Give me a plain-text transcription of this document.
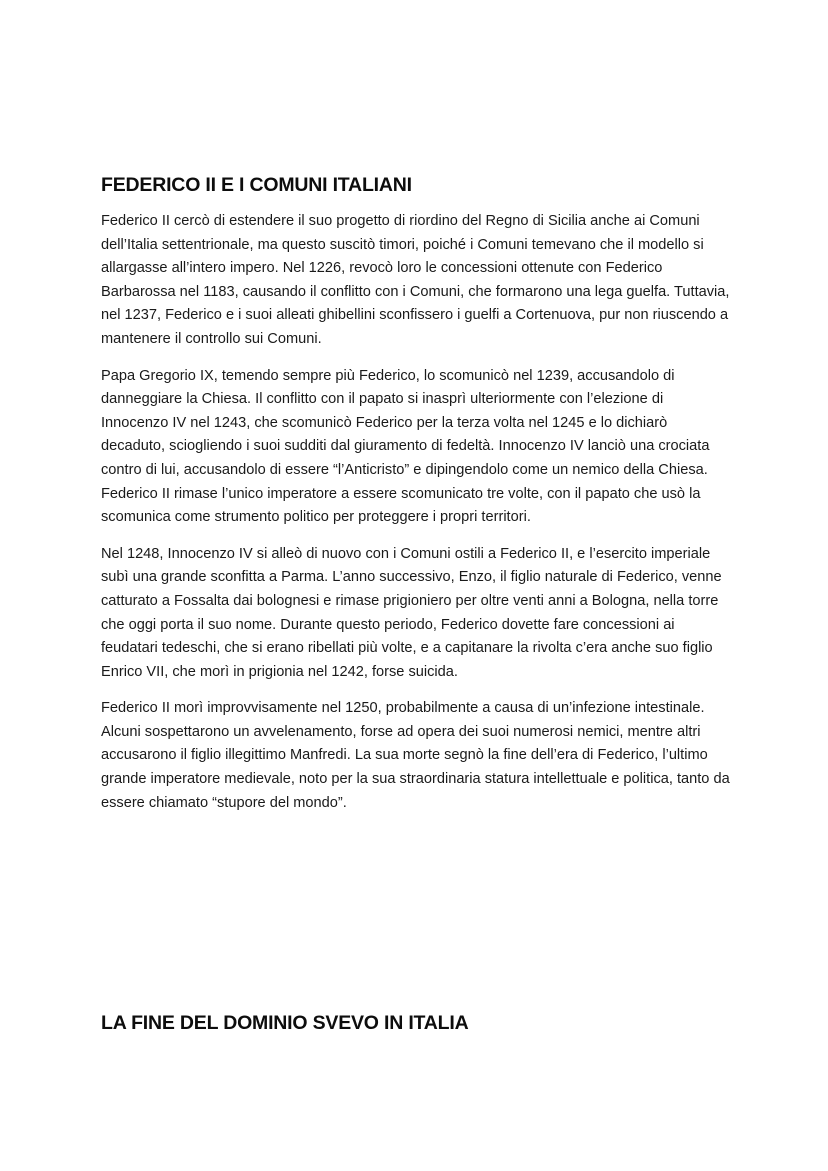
FEDERICO II E I COMUNI ITALIANI

Federico II cercò di estendere il suo progetto di riordino del Regno di Sicilia anche ai Comuni dell’Italia settentrionale, ma questo suscitò timori, poiché i Comuni temevano che il modello si allargasse all’intero impero. Nel 1226, revocò loro le concessioni ottenute con Federico Barbarossa nel 1183, causando il conflitto con i Comuni, che formarono una lega guelfa. Tuttavia, nel 1237, Federico e i suoi alleati ghibellini sconfissero i guelfi a Cortenuova, pur non riuscendo a mantenere il controllo sui Comuni.

Papa Gregorio IX, temendo sempre più Federico, lo scomunicò nel 1239, accusandolo di danneggiare la Chiesa. Il conflitto con il papato si inasprì ulteriormente con l’elezione di Innocenzo IV nel 1243, che scomunicò Federico per la terza volta nel 1245 e lo dichiarò decaduto, sciogliendo i suoi sudditi dal giuramento di fedeltà. Innocenzo IV lanciò una crociata contro di lui, accusandolo di essere “l’Anticristo” e dipingendolo come un nemico della Chiesa. Federico II rimase l’unico imperatore a essere scomunicato tre volte, con il papato che usò la scomunica come strumento politico per proteggere i propri territori.

Nel 1248, Innocenzo IV si alleò di nuovo con i Comuni ostili a Federico II, e l’esercito imperiale subì una grande sconfitta a Parma. L’anno successivo, Enzo, il figlio naturale di Federico, venne catturato a Fossalta dai bolognesi e rimase prigioniero per oltre venti anni a Bologna, nella torre che oggi porta il suo nome. Durante questo periodo, Federico dovette fare concessioni ai feudatari tedeschi, che si erano ribellati più volte, e a capitanare la rivolta c’era anche suo figlio Enrico VII, che morì in prigionia nel 1242, forse suicida.

Federico II morì improvvisamente nel 1250, probabilmente a causa di un’infezione intestinale. Alcuni sospettarono un avvelenamento, forse ad opera dei suoi numerosi nemici, mentre altri accusarono il figlio illegittimo Manfredi. La sua morte segnò la fine dell’era di Federico, l’ultimo grande imperatore medievale, noto per la sua straordinaria statura intellettuale e politica, tanto da essere chiamato “stupore del mondo”.

LA FINE DEL DOMINIO SVEVO IN ITALIA
